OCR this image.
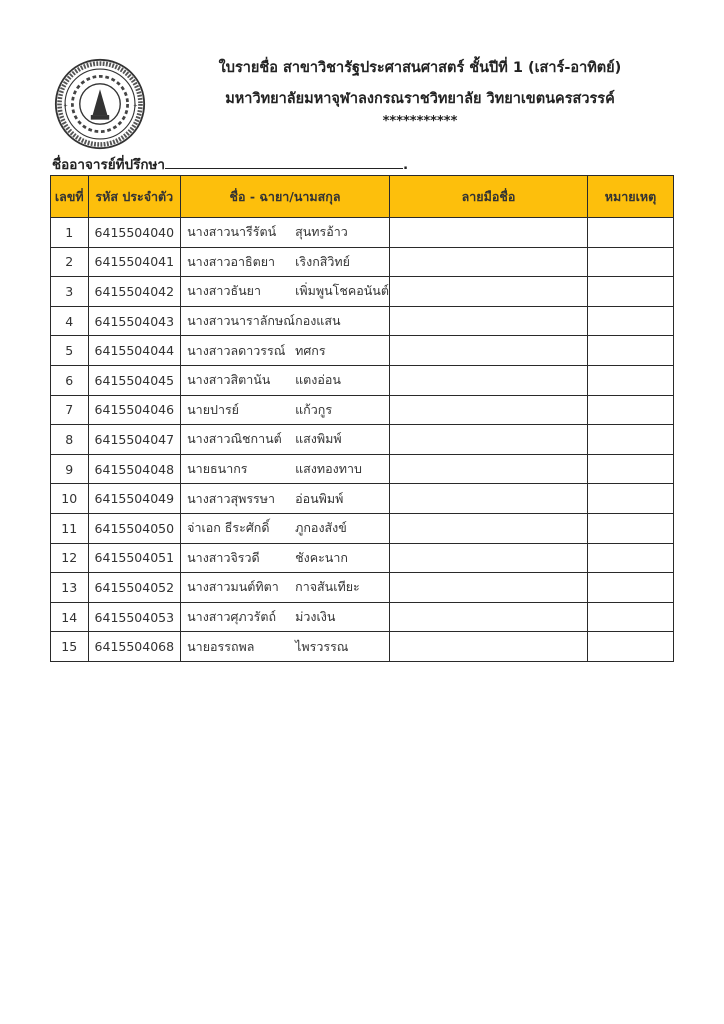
+	+
ใบรายชื่อ สาขาวิชารัฐประศาสนศาสตร์ ชั้นปีที่ 1 (เสาร์-อาทิตย์)
มหาวิทยาลัยมหาจุฬาลงกรณราชวิทยาลัย วิทยาเขตนครสวรรค์
***********
ชื่ออาจารย์ที่ปรึกษา	.
เลขที่	รหัส ประจำตัว	ชื่อ - ฉายา/นามสกุล	ลายมือชื่อ	หมายเหตุ
1	6415504040	นางสาวนารีรัตน์ สุนทรอ้าว		
2	6415504041	นางสาวอาธิตยา เริงกสิวิทย์		
3	6415504042	นางสาวธันยา เพิ่มพูนโชคอนันต์		
4	6415504043	นางสาวนาราลักษณ์กองแสน		
5	6415504044	นางสาวลดาวรรณ์ ทศกร		
6	6415504045	นางสาวสิตานัน แตงอ่อน		
7	6415504046	นายปารย์ แก้วกูร		
8	6415504047	นางสาวณิชกานต์ แสงพิมพ์		
9	6415504048	นายธนากร แสงทองทาบ		
10	6415504049	นางสาวสุพรรษา อ่อนพิมพ์		
11	6415504050	จ่าเอก ธีระศักดิ์ ภูกองสังข์		
12	6415504051	นางสาวจิรวดี ชังคะนาก		
13	6415504052	นางสาวมนต์ทิตา กาจสันเทียะ		
14	6415504053	นางสาวศุภวรัตถ์ ม่วงเงิน		
15	6415504068	นายอรรถพล ไพรวรรณ		
